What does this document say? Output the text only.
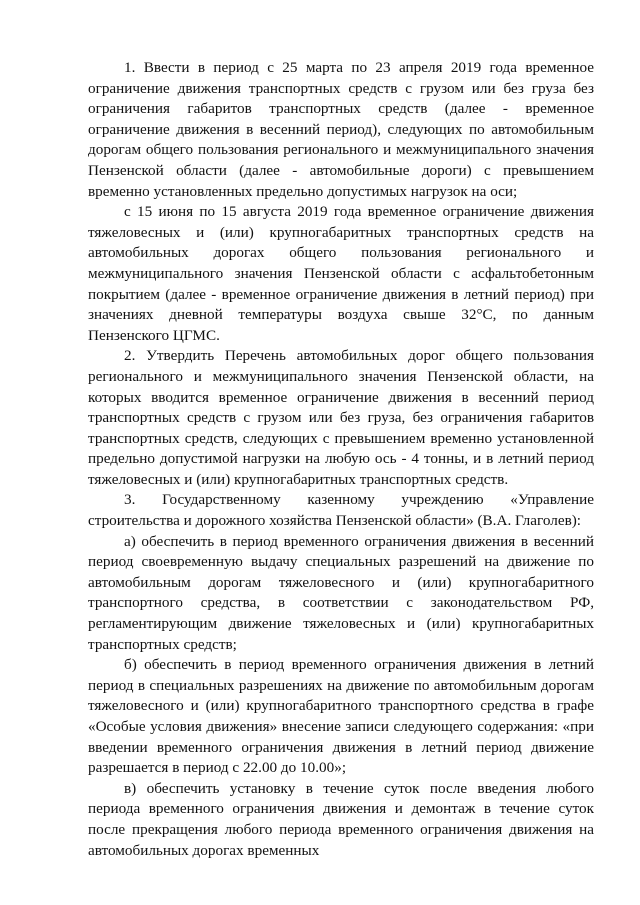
1. Ввести в период с 25 марта по 23 апреля 2019 года временное ограничение движения транспортных средств с грузом или без груза без ограничения габаритов транспортных средств (далее - временное ограничение движения в весенний период), следующих по автомобильным дорогам общего пользования регионального и межмуниципального значения Пензенской области (далее - автомобильные дороги) с превышением временно установленных предельно допустимых нагрузок на оси;

с 15 июня по 15 августа 2019 года временное ограничение движения тяжеловесных и (или) крупногабаритных транспортных средств на автомобильных дорогах общего пользования регионального и межмуниципального значения Пензенской области с асфальтобетонным покрытием (далее - временное ограничение движения в летний период) при значениях дневной температуры воздуха свыше 32°C, по данным Пензенского ЦГМС.

2. Утвердить Перечень автомобильных дорог общего пользования регионального и межмуниципального значения Пензенской области, на которых вводится временное ограничение движения в весенний период транспортных средств с грузом или без груза, без ограничения габаритов транспортных средств, следующих с превышением временно установленной предельно допустимой нагрузки на любую ось - 4 тонны, и в летний период тяжеловесных и (или) крупногабаритных транспортных средств.

3. Государственному казенному учреждению «Управление строительства и дорожного хозяйства Пензенской области» (В.А. Глаголев):

а) обеспечить в период временного ограничения движения в весенний период своевременную выдачу специальных разрешений на движение по автомобильным дорогам тяжеловесного и (или) крупногабаритного транспортного средства, в соответствии с законодательством РФ, регламентирующим движение тяжеловесных и (или) крупногабаритных транспортных средств;

б) обеспечить в период временного ограничения движения в летний период в специальных разрешениях на движение по автомобильным дорогам тяжеловесного и (или) крупногабаритного транспортного средства в графе «Особые условия движения» внесение записи следующего содержания: «при введении временного ограничения движения в летний период движение разрешается в период с 22.00 до 10.00»;

в) обеспечить установку в течение суток после введения любого периода временного ограничения движения и демонтаж в течение суток после прекращения любого периода временного ограничения движения на автомобильных дорогах временных
